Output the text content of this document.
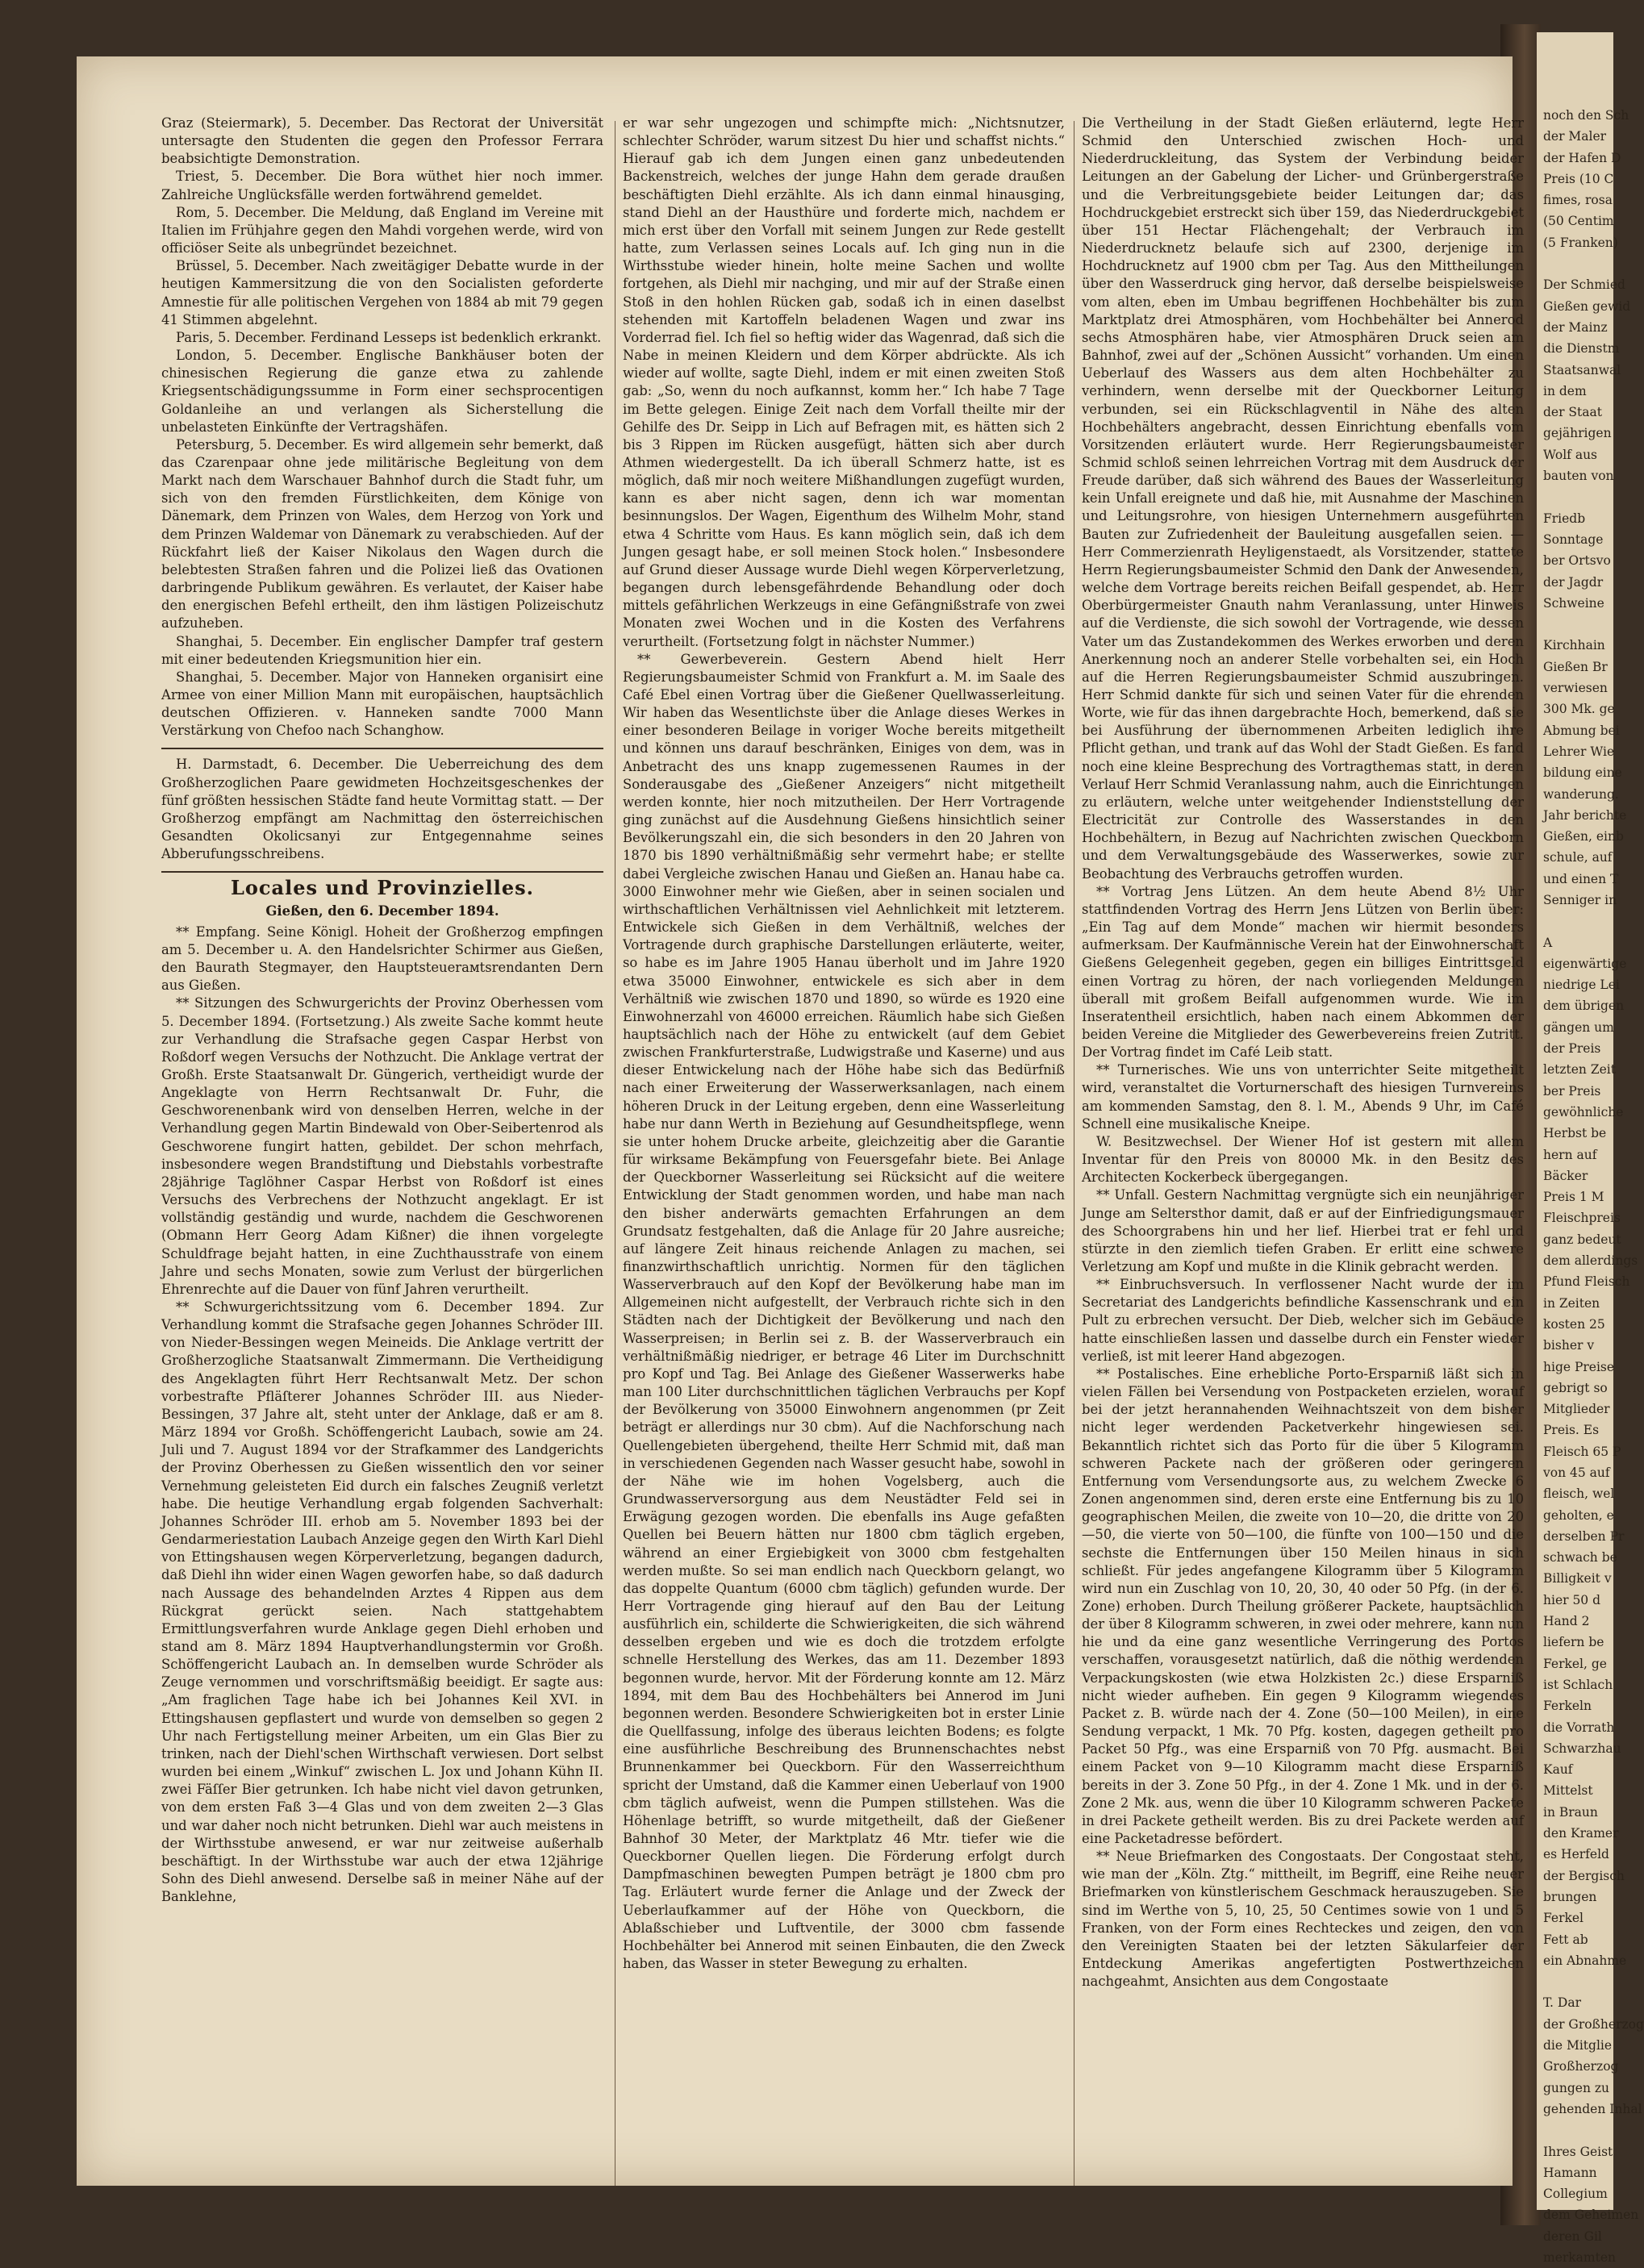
noch den Sch
der Maler
der Hafen D
Preis (10 C
fimes, rosa
(50 Centim
(5 Franken)

Der Schmied
Gießen gewid
der Mainz
die Dienstm
Staatsanwal
in dem
der Staat
gejährigen
Wolf aus
bauten von

Friedb
Sonntage
ber Ortsvo
der Jagdr
Schweine

Kirchhain
Gießen Br
verwiesen
300 Mk. ge
Abmung bei
Lehrer Wie
bildung eine
wanderung.
Jahr berichte
Gießen, einb
schule, auf
und einen T
Senniger in

A
eigenwärtige
niedrige Lei
dem übrigen
gängen um
der Preis
letzten Zeit
ber Preis
gewöhnliche
Herbst be
hern auf
Bäcker
Preis 1 M
Fleischpreis
ganz bedeut
dem allerdings
Pfund Fleisch
in Zeiten
kosten 25
bisher v
hige Preise
gebrigt so
Mitglieder
Preis. Es
Fleisch 65 P
von 45 auf
fleisch, wel
geholten, e
derselben Pr
schwach be
Billigkeit v
hier 50 d
Hand 2
liefern be
Ferkel, ge
ist Schlach
Ferkeln
die Vorrath
Schwarzhau
Kauf
Mittelst
in Braun
den Kramer
es Herfeld
der Bergisch
brungen
Ferkel
Fett ab
ein Abnahme

T. Dar
der Großherzog
die Mitglie
Großherzog
gungen zu
gehenden Inhal

Ihres Geist
Hamann
Collegium
dem Geheimen
deren Gil
merkamten

Graz (Steiermark), 5. December. Das Rectorat der Universität untersagte den Studenten die gegen den Professor Ferrara beabsichtigte Demonstration.

Triest, 5. December. Die Bora wüthet hier noch immer. Zahlreiche Unglücksfälle werden fortwährend gemeldet.

Rom, 5. December. Die Meldung, daß England im Vereine mit Italien im Frühjahre gegen den Mahdi vorgehen werde, wird von officiöser Seite als unbegründet bezeichnet.

Brüssel, 5. December. Nach zweitägiger Debatte wurde in der heutigen Kammersitzung die von den Socialisten geforderte Amnestie für alle politischen Vergehen von 1884 ab mit 79 gegen 41 Stimmen abgelehnt.

Paris, 5. December. Ferdinand Lesseps ist bedenklich erkrankt.

London, 5. December. Englische Bankhäuser boten der chinesischen Regierung die ganze etwa zu zahlende Kriegsentschädigungssumme in Form einer sechsprocentigen Goldanleihe an und verlangen als Sicherstellung die unbelasteten Einkünfte der Vertragshäfen.

Petersburg, 5. December. Es wird allgemein sehr bemerkt, daß das Czarenpaar ohne jede militärische Begleitung von dem Markt nach dem Warschauer Bahnhof durch die Stadt fuhr, um sich von den fremden Fürstlichkeiten, dem Könige von Dänemark, dem Prinzen von Wales, dem Herzog von York und dem Prinzen Waldemar von Dänemark zu verabschieden. Auf der Rückfahrt ließ der Kaiser Nikolaus den Wagen durch die belebtesten Straßen fahren und die Polizei ließ das Ovationen darbringende Publikum gewähren. Es verlautet, der Kaiser habe den energischen Befehl ertheilt, den ihm lästigen Polizeischutz aufzuheben.

Shanghai, 5. December. Ein englischer Dampfer traf gestern mit einer bedeutenden Kriegsmunition hier ein.

Shanghai, 5. December. Major von Hanneken organisirt eine Armee von einer Million Mann mit europäischen, hauptsächlich deutschen Offizieren. v. Hanneken sandte 7000 Mann Verstärkung von Chefoo nach Schanghow.

H. Darmstadt, 6. December. Die Ueberreichung des dem Großherzoglichen Paare gewidmeten Hochzeitsgeschenkes der fünf größten hessischen Städte fand heute Vormittag statt. — Der Großherzog empfängt am Nachmittag den österreichischen Gesandten Okolicsanyi zur Entgegennahme seines Abberufungsschreibens.

Locales und Provinzielles.
Gießen, den 6. December 1894.

** Empfang. Seine Königl. Hoheit der Großherzog empfingen am 5. December u. A. den Handelsrichter Schirmer aus Gießen, den Baurath Stegmayer, den Hauptsteuerамtsrendanten Dern aus Gießen.

** Sitzungen des Schwurgerichts der Provinz Oberhessen vom 5. December 1894. (Fortsetzung.) Als zweite Sache kommt heute zur Verhandlung die Strafsache gegen Caspar Herbst von Roßdorf wegen Versuchs der Nothzucht. Die Anklage vertrat der Großh. Erste Staatsanwalt Dr. Güngerich, vertheidigt wurde der Angeklagte von Herrn Rechtsanwalt Dr. Fuhr, die Geschworenenbank wird von denselben Herren, welche in der Verhandlung gegen Martin Bindewald von Ober-Seibertenrod als Geschworene fungirt hatten, gebildet. Der schon mehrfach, insbesondere wegen Brandstiftung und Diebstahls vorbestrafte 28jährige Taglöhner Caspar Herbst von Roßdorf ist eines Versuchs des Verbrechens der Nothzucht angeklagt. Er ist vollständig geständig und wurde, nachdem die Geschworenen (Obmann Herr Georg Adam Kißner) die ihnen vorgelegte Schuldfrage bejaht hatten, in eine Zuchthausstrafe von einem Jahre und sechs Monaten, sowie zum Verlust der bürgerlichen Ehrenrechte auf die Dauer von fünf Jahren verurtheilt.

** Schwurgerichtssitzung vom 6. December 1894. Zur Verhandlung kommt die Strafsache gegen Johannes Schröder III. von Nieder-Bessingen wegen Meineids. Die Anklage vertritt der Großherzogliche Staatsanwalt Zimmermann. Die Vertheidigung des Angeklagten führt Herr Rechtsanwalt Metz. Der schon vorbestrafte Pfläſterer Johannes Schröder III. aus Nieder-Bessingen, 37 Jahre alt, steht unter der Anklage, daß er am 8. März 1894 vor Großh. Schöffengericht Laubach, sowie am 24. Juli und 7. August 1894 vor der Strafkammer des Landgerichts der Provinz Oberhessen zu Gießen wissentlich den vor seiner Vernehmung geleisteten Eid durch ein falsches Zeugniß verletzt habe. Die heutige Verhandlung ergab folgenden Sachverhalt: Johannes Schröder III. erhob am 5. November 1893 bei der Gendarmeriestation Laubach Anzeige gegen den Wirth Karl Diehl von Ettingshausen wegen Körperverletzung, begangen dadurch, daß Diehl ihn wider einen Wagen geworfen habe, so daß dadurch nach Aussage des behandelnden Arztes 4 Rippen aus dem Rückgrat gerückt seien. Nach stattgehabtem Ermittlungsverfahren wurde Anklage gegen Diehl erhoben und stand am 8. März 1894 Hauptverhandlungstermin vor Großh. Schöffengericht Laubach an. In demselben wurde Schröder als Zeuge vernommen und vorschriftsmäßig beeidigt. Er sagte aus: „Am fraglichen Tage habe ich bei Johannes Keil XVI. in Ettingshausen gepflastert und wurde von demselben so gegen 2 Uhr nach Fertigstellung meiner Arbeiten, um ein Glas Bier zu trinken, nach der Diehl'schen Wirthschaft verwiesen. Dort selbst wurden bei einem „Winkuf“ zwischen L. Jox und Johann Kühn II. zwei Fäſſer Bier getrunken. Ich habe nicht viel davon getrunken, von dem ersten Faß 3—4 Glas und von dem zweiten 2—3 Glas und war daher noch nicht betrunken. Diehl war auch meistens in der Wirthsstube anwesend, er war nur zeitweise außerhalb beschäftigt. In der Wirthsstube war auch der etwa 12jährige Sohn des Diehl anwesend. Derselbe saß in meiner Nähe auf der Banklehne,

er war sehr ungezogen und schimpfte mich: „Nichtsnutzer, schlechter Schröder, warum sitzest Du hier und schaffst nichts.“ Hierauf gab ich dem Jungen einen ganz unbedeutenden Backenstreich, welches der junge Hahn dem gerade draußen beschäftigten Diehl erzählte. Als ich dann einmal hinausging, stand Diehl an der Hausthüre und forderte mich, nachdem er mich erst über den Vorfall mit seinem Jungen zur Rede gestellt hatte, zum Verlassen seines Locals auf. Ich ging nun in die Wirthsstube wieder hinein, holte meine Sachen und wollte fortgehen, als Diehl mir nachging, und mir auf der Straße einen Stoß in den hohlen Rücken gab, sodaß ich in einen daselbst stehenden mit Kartoffeln beladenen Wagen und zwar ins Vorderrad fiel. Ich fiel so heftig wider das Wagenrad, daß sich die Nabe in meinen Kleidern und dem Körper abdrückte. Als ich wieder auf wollte, sagte Diehl, indem er mit einen zweiten Stoß gab: „So, wenn du noch aufkannst, komm her.“ Ich habe 7 Tage im Bette gelegen. Einige Zeit nach dem Vorfall theilte mir der Gehilfe des Dr. Seipp in Lich auf Befragen mit, es hätten sich 2 bis 3 Rippen im Rücken ausgefügt, hätten sich aber durch Athmen wiedergestellt. Da ich überall Schmerz hatte, ist es möglich, daß mir noch weitere Mißhandlungen zugefügt wurden, kann es aber nicht sagen, denn ich war momentan besinnungslos. Der Wagen, Eigenthum des Wilhelm Mohr, stand etwa 4 Schritte vom Haus. Es kann möglich sein, daß ich dem Jungen gesagt habe, er soll meinen Stock holen.“ Insbesondere auf Grund dieser Aussage wurde Diehl wegen Körperverletzung, begangen durch lebensgefährdende Behandlung oder doch mittels gefährlichen Werkzeugs in eine Gefängnißstrafe von zwei Monaten zwei Wochen und in die Kosten des Verfahrens verurtheilt. (Fortsetzung folgt in nächster Nummer.)

** Gewerbeverein. Gestern Abend hielt Herr Regierungsbaumeister Schmid von Frankfurt a. M. im Saale des Café Ebel einen Vortrag über die Gießener Quellwasserleitung. Wir haben das Wesentlichste über die Anlage dieses Werkes in einer besonderen Beilage in voriger Woche bereits mitgetheilt und können uns darauf beschränken, Einiges von dem, was in Anbetracht des uns knapp zugemessenen Raumes in der Sonderausgabe des „Gießener Anzeigers“ nicht mitgetheilt werden konnte, hier noch mitzutheilen. Der Herr Vortragende ging zunächst auf die Ausdehnung Gießens hinsichtlich seiner Bevölkerungszahl ein, die sich besonders in den 20 Jahren von 1870 bis 1890 verhältnißmäßig sehr vermehrt habe; er stellte dabei Vergleiche zwischen Hanau und Gießen an. Hanau habe ca. 3000 Einwohner mehr wie Gießen, aber in seinen socialen und wirthschaftlichen Verhältnissen viel Aehnlichkeit mit letzterem. Entwickele sich Gießen in dem Verhältniß, welches der Vortragende durch graphische Darstellungen erläuterte, weiter, so habe es im Jahre 1905 Hanau überholt und im Jahre 1920 etwa 35000 Einwohner, entwickele es sich aber in dem Verhältniß wie zwischen 1870 und 1890, so würde es 1920 eine Einwohnerzahl von 46000 erreichen. Räumlich habe sich Gießen hauptsächlich nach der Höhe zu entwickelt (auf dem Gebiet zwischen Frankfurterstraße, Ludwigstraße und Kaserne) und aus dieser Entwickelung nach der Höhe habe sich das Bedürfniß nach einer Erweiterung der Wasserwerksanlagen, nach einem höheren Druck in der Leitung ergeben, denn eine Wasserleitung habe nur dann Werth in Beziehung auf Gesundheitspflege, wenn sie unter hohem Drucke arbeite, gleichzeitig aber die Garantie für wirksame Bekämpfung von Feuersgefahr biete. Bei Anlage der Queckborner Wasserleitung sei Rücksicht auf die weitere Entwicklung der Stadt genommen worden, und habe man nach den bisher anderwärts gemachten Erfahrungen an dem Grundsatz festgehalten, daß die Anlage für 20 Jahre ausreiche; auf längere Zeit hinaus reichende Anlagen zu machen, sei finanzwirthschaftlich unrichtig. Normen für den täglichen Wasserverbrauch auf den Kopf der Bevölkerung habe man im Allgemeinen nicht aufgestellt, der Verbrauch richte sich in den Städten nach der Dichtigkeit der Bevölkerung und nach den Wasserpreisen; in Berlin sei z. B. der Wasserverbrauch ein verhältnißmäßig niedriger, er betrage 46 Liter im Durchschnitt pro Kopf und Tag. Bei Anlage des Gießener Wasserwerks habe man 100 Liter durchschnittlichen täglichen Verbrauchs per Kopf der Bevölkerung von 35000 Einwohnern angenommen (pr Zeit beträgt er allerdings nur 30 cbm). Auf die Nachforschung nach Quellengebieten übergehend, theilte Herr Schmid mit, daß man in verschiedenen Gegenden nach Wasser gesucht habe, sowohl in der Nähe wie im hohen Vogelsberg, auch die Grundwasserversorgung aus dem Neustädter Feld sei in Erwägung gezogen worden. Die ebenfalls ins Auge gefaßten Quellen bei Beuern hätten nur 1800 cbm täglich ergeben, während an einer Ergiebigkeit von 3000 cbm festgehalten werden mußte. So sei man endlich nach Queckborn gelangt, wo das doppelte Quantum (6000 cbm täglich) gefunden wurde. Der Herr Vortragende ging hierauf auf den Bau der Leitung ausführlich ein, schilderte die Schwierigkeiten, die sich während desselben ergeben und wie es doch die trotzdem erfolgte schnelle Herstellung des Werkes, das am 11. Dezember 1893 begonnen wurde, hervor. Mit der Förderung konnte am 12. März 1894, mit dem Bau des Hochbehälters bei Annerod im Juni begonnen werden. Besondere Schwierigkeiten bot in erster Linie die Quellfassung, infolge des überaus leichten Bodens; es folgte eine ausführliche Beschreibung des Brunnenschachtes nebst Brunnenkammer bei Queckborn. Für den Wasserreichthum spricht der Umstand, daß die Kammer einen Ueberlauf von 1900 cbm täglich aufweist, wenn die Pumpen stillstehen. Was die Höhenlage betrifft, so wurde mitgetheilt, daß der Gießener Bahnhof 30 Meter, der Marktplatz 46 Mtr. tiefer wie die Queckborner Quellen liegen. Die Förderung erfolgt durch Dampfmaschinen bewegten Pumpen beträgt je 1800 cbm pro Tag. Erläutert wurde ferner die Anlage und der Zweck der Ueberlaufkammer auf der Höhe von Queckborn, die Ablaßschieber und Luftventile, der 3000 cbm fassende Hochbehälter bei Annerod mit seinen Einbauten, die den Zweck haben, das Wasser in steter Bewegung zu erhalten.

Die Vertheilung in der Stadt Gießen erläuternd, legte Herr Schmid den Unterschied zwischen Hoch- und Niederdruckleitung, das System der Verbindung beider Leitungen an der Gabelung der Licher- und Grünbergerstraße und die Verbreitungsgebiete beider Leitungen dar; das Hochdruckgebiet erstreckt sich über 159, das Niederdruckgebiet über 151 Hectar Flächengehalt; der Verbrauch im Niederdrucknetz belaufe sich auf 2300, derjenige im Hochdrucknetz auf 1900 cbm per Tag. Aus den Mittheilungen über den Wasserdruck ging hervor, daß derselbe beispielsweise vom alten, eben im Umbau begriffenen Hochbehälter bis zum Marktplatz drei Atmosphären, vom Hochbehälter bei Annerod sechs Atmosphären habe, vier Atmosphären Druck seien am Bahnhof, zwei auf der „Schönen Aussicht“ vorhanden. Um einen Ueberlauf des Wassers aus dem alten Hochbehälter zu verhindern, wenn derselbe mit der Queckborner Leitung verbunden, sei ein Rückschlagventil in Nähe des alten Hochbehälters angebracht, dessen Einrichtung ebenfalls vom Vorsitzenden erläutert wurde. Herr Regierungsbaumeister Schmid schloß seinen lehrreichen Vortrag mit dem Ausdruck der Freude darüber, daß sich während des Baues der Wasserleitung kein Unfall ereignete und daß hie, mit Ausnahme der Maschinen und Leitungsrohre, von hiesigen Unternehmern ausgeführten Bauten zur Zufriedenheit der Bauleitung ausgefallen seien. — Herr Commerzienrath Heyligenstaedt, als Vorsitzender, stattete Herrn Regierungsbaumeister Schmid den Dank der Anwesenden, welche dem Vortrage bereits reichen Beifall gespendet, ab. Herr Oberbürgermeister Gnauth nahm Veranlassung, unter Hinweis auf die Verdienste, die sich sowohl der Vortragende, wie dessen Vater um das Zustandekommen des Werkes erworben und deren Anerkennung noch an anderer Stelle vorbehalten sei, ein Hoch auf die Herren Regierungsbaumeister Schmid auszubringen. Herr Schmid dankte für sich und seinen Vater für die ehrenden Worte, wie für das ihnen dargebrachte Hoch, bemerkend, daß sie bei Ausführung der übernommenen Arbeiten lediglich ihre Pflicht gethan, und trank auf das Wohl der Stadt Gießen. Es fand noch eine kleine Besprechung des Vortragthemas statt, in deren Verlauf Herr Schmid Veranlassung nahm, auch die Einrichtungen zu erläutern, welche unter weitgehender Indienststellung der Electricität zur Controlle des Wasserstandes in den Hochbehältern, in Bezug auf Nachrichten zwischen Queckborn und dem Verwaltungsgebäude des Wasserwerkes, sowie zur Beobachtung des Verbrauchs getroffen wurden.

** Vortrag Jens Lützen. An dem heute Abend 8½ Uhr stattfindenden Vortrag des Herrn Jens Lützen von Berlin über: „Ein Tag auf dem Monde“ machen wir hiermit besonders aufmerksam. Der Kaufmännische Verein hat der Einwohnerschaft Gießens Gelegenheit gegeben, gegen ein billiges Eintrittsgeld einen Vortrag zu hören, der nach vorliegenden Meldungen überall mit großem Beifall aufgenommen wurde. Wie im Inseratentheil ersichtlich, haben nach einem Abkommen der beiden Vereine die Mitglieder des Gewerbevereins freien Zutritt. Der Vortrag findet im Café Leib statt.

** Turnerisches. Wie uns von unterrichter Seite mitgetheilt wird, veranstaltet die Vorturnerschaft des hiesigen Turnvereins am kommenden Samstag, den 8. l. M., Abends 9 Uhr, im Café Schnell eine musikalische Kneipe.

W. Besitzwechsel. Der Wiener Hof ist gestern mit allem Inventar für den Preis von 80000 Mk. in den Besitz des Architecten Kockerbeck übergegangen.

** Unfall. Gestern Nachmittag vergnügte sich ein neunjähriger Junge am Seltersthor damit, daß er auf der Einfriedigungsmauer des Schoorgrabens hin und her lief. Hierbei trat er fehl und stürzte in den ziemlich tiefen Graben. Er erlitt eine schwere Verletzung am Kopf und mußte in die Klinik gebracht werden.

** Einbruchsversuch. In verflossener Nacht wurde der im Secretariat des Landgerichts befindliche Kassenschrank und ein Pult zu erbrechen versucht. Der Dieb, welcher sich im Gebäude hatte einschließen lassen und dasselbe durch ein Fenster wieder verließ, ist mit leerer Hand abgezogen.

** Postalisches. Eine erhebliche Porto-Ersparniß läßt sich in vielen Fällen bei Versendung von Postpacketen erzielen, worauf bei der jetzt herannahenden Weihnachtszeit von dem bisher nicht leger werdenden Packetverkehr hingewiesen sei. Bekanntlich richtet sich das Porto für die über 5 Kilogramm schweren Packete nach der größeren oder geringeren Entfernung vom Versendungsorte aus, zu welchem Zwecke 6 Zonen angenommen sind, deren erste eine Entfernung bis zu 10 geographischen Meilen, die zweite von 10—20, die dritte von 20—50, die vierte von 50—100, die fünfte von 100—150 und die sechste die Entfernungen über 150 Meilen hinaus in sich schließt. Für jedes angefangene Kilogramm über 5 Kilogramm wird nun ein Zuschlag von 10, 20, 30, 40 oder 50 Pfg. (in der 6. Zone) erhoben. Durch Theilung größerer Packete, hauptsächlich der über 8 Kilogramm schweren, in zwei oder mehrere, kann nun hie und da eine ganz wesentliche Verringerung des Portos verschaffen, vorausgesetzt natürlich, daß die nöthig werdenden Verpackungskosten (wie etwa Holzkisten 2c.) diese Ersparniß nicht wieder aufheben. Ein gegen 9 Kilogramm wiegendes Packet z. B. würde nach der 4. Zone (50—100 Meilen), in eine Sendung verpackt, 1 Mk. 70 Pfg. kosten, dagegen getheilt pro Packet 50 Pfg., was eine Ersparniß von 70 Pfg. ausmacht. Bei einem Packet von 9—10 Kilogramm macht diese Ersparniß bereits in der 3. Zone 50 Pfg., in der 4. Zone 1 Mk. und in der 6. Zone 2 Mk. aus, wenn die über 10 Kilogramm schweren Packete in drei Packete getheilt werden. Bis zu drei Packete werden auf eine Packetadresse befördert.

** Neue Briefmarken des Congostaats. Der Congostaat steht, wie man der „Köln. Ztg.“ mittheilt, im Begriff, eine Reihe neuer Briefmarken von künstlerischem Geschmack herauszugeben. Sie sind im Werthe von 5, 10, 25, 50 Centimes sowie von 1 und 5 Franken, von der Form eines Rechteckes und zeigen, den von den Vereinigten Staaten bei der letzten Säkularfeier der Entdeckung Amerikas angefertigten Postwerthzeichen nachgeahmt, Ansichten aus dem Congostaate
